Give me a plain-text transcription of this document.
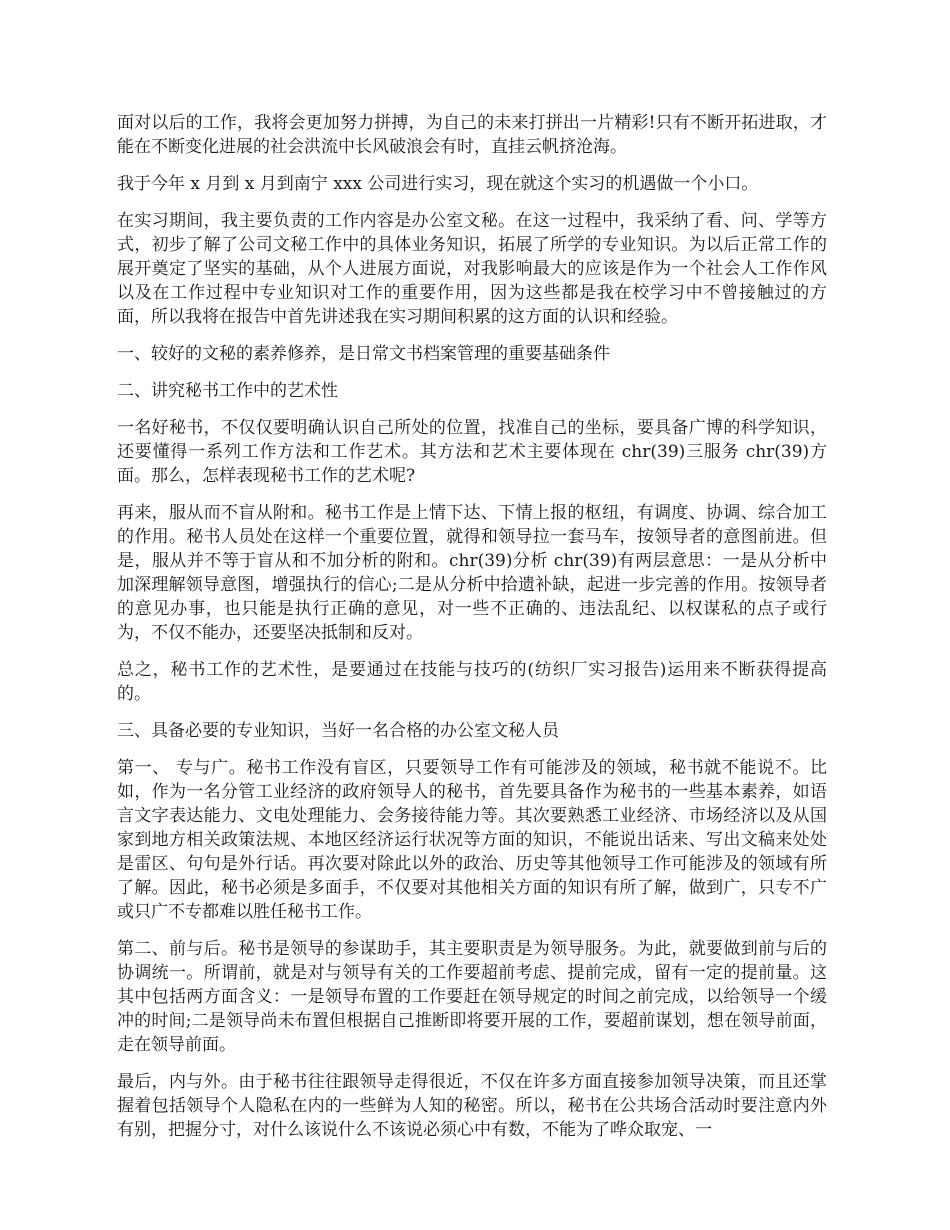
面对以后的工作，我将会更加努力拼搏，为自己的未来打拼出一片精彩!只有不断开拓进取，才能在不断变化进展的社会洪流中长风破浪会有时，直挂云帆挤沧海。

我于今年 x 月到 x 月到南宁 xxx 公司进行实习，现在就这个实习的机遇做一个小口。

在实习期间，我主要负责的工作内容是办公室文秘。在这一过程中，我采纳了看、问、学等方式，初步了解了公司文秘工作中的具体业务知识，拓展了所学的专业知识。为以后正常工作的展开奠定了坚实的基础，从个人进展方面说，对我影响最大的应该是作为一个社会人工作作风以及在工作过程中专业知识对工作的重要作用，因为这些都是我在校学习中不曾接触过的方面，所以我将在报告中首先讲述我在实习期间积累的这方面的认识和经验。

一、较好的文秘的素养修养，是日常文书档案管理的重要基础条件

二、讲究秘书工作中的艺术性

一名好秘书，不仅仅要明确认识自己所处的位置，找准自己的坐标，要具备广博的科学知识，还要懂得一系列工作方法和工作艺术。其方法和艺术主要体现在 chr(39)三服务 chr(39)方面。那么，怎样表现秘书工作的艺术呢?

再来，服从而不盲从附和。秘书工作是上情下达、下情上报的枢纽，有调度、协调、综合加工的作用。秘书人员处在这样一个重要位置，就得和领导拉一套马车，按领导者的意图前进。但是，服从并不等于盲从和不加分析的附和。chr(39)分析 chr(39)有两层意思：一是从分析中加深理解领导意图，增强执行的信心;二是从分析中拾遗补缺，起进一步完善的作用。按领导者的意见办事，也只能是执行正确的意见，对一些不正确的、违法乱纪、以权谋私的点子或行为，不仅不能办，还要坚决抵制和反对。

总之，秘书工作的艺术性，是要通过在技能与技巧的(纺织厂实习报告)运用来不断获得提高的。

三、具备必要的专业知识，当好一名合格的办公室文秘人员

第一、 专与广。秘书工作没有盲区，只要领导工作有可能涉及的领域，秘书就不能说不。比如，作为一名分管工业经济的政府领导人的秘书，首先要具备作为秘书的一些基本素养，如语言文字表达能力、文电处理能力、会务接待能力等。其次要熟悉工业经济、市场经济以及从国家到地方相关政策法规、本地区经济运行状况等方面的知识，不能说出话来、写出文稿来处处是雷区、句句是外行话。再次要对除此以外的政治、历史等其他领导工作可能涉及的领域有所了解。因此，秘书必须是多面手，不仅要对其他相关方面的知识有所了解，做到广，只专不广或只广不专都难以胜任秘书工作。

第二、前与后。秘书是领导的参谋助手，其主要职责是为领导服务。为此，就要做到前与后的协调统一。所谓前，就是对与领导有关的工作要超前考虑、提前完成，留有一定的提前量。这其中包括两方面含义：一是领导布置的工作要赶在领导规定的时间之前完成，以给领导一个缓冲的时间;二是领导尚未布置但根据自己推断即将要开展的工作，要超前谋划，想在领导前面，走在领导前面。

最后，内与外。由于秘书往往跟领导走得很近，不仅在许多方面直接参加领导决策，而且还掌握着包括领导个人隐私在内的一些鲜为人知的秘密。所以，秘书在公共场合活动时要注意内外有别，把握分寸，对什么该说什么不该说必须心中有数，不能为了哗众取宠、一
